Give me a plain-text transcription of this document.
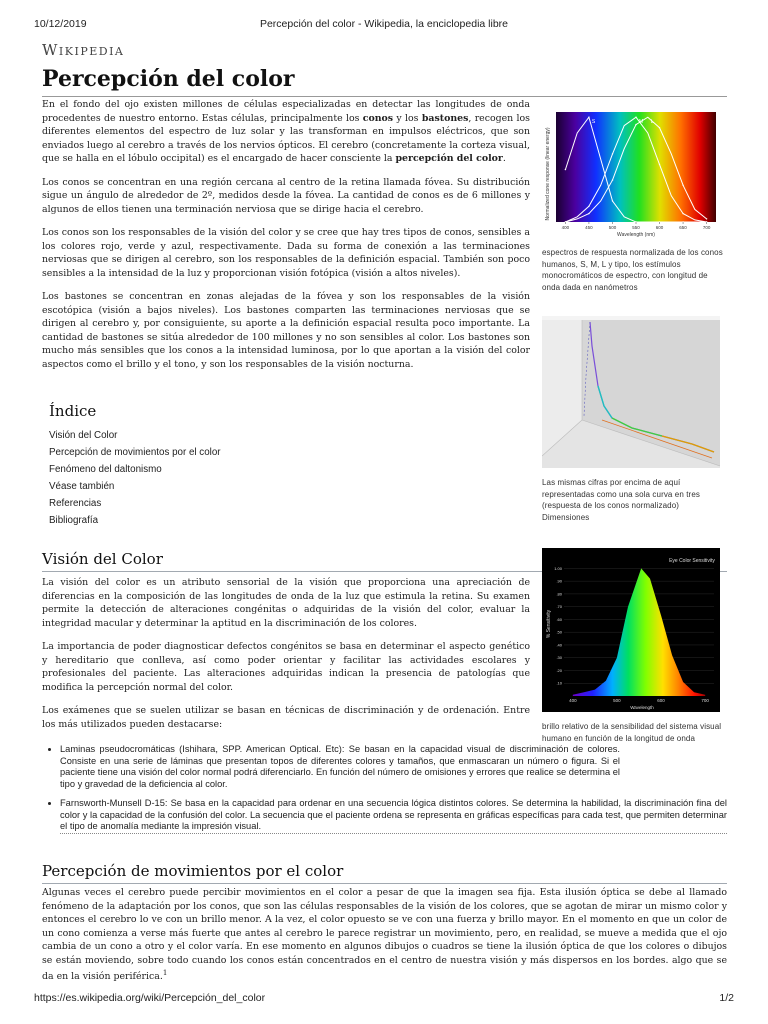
10/12/2019	Percepción del color - Wikipedia, la enciclopedia libre
Wikipedia
Percepción del color

En el fondo del ojo existen millones de células especializadas en detectar las longitudes de onda procedentes de nuestro entorno. Estas células, principalmente los conos y los bastones, recogen los diferentes elementos del espectro de luz solar y las transforman en impulsos eléctricos, que son enviados luego al cerebro a través de los nervios ópticos. El cerebro (concretamente la corteza visual, que se halla en el lóbulo occipital) es el encargado de hacer consciente la percepción del color.

Los conos se concentran en una región cercana al centro de la retina llamada fóvea. Su distribución sigue un ángulo de alrededor de 2º, medidos desde la fóvea. La cantidad de conos es de 6 millones y algunos de ellos tienen una terminación nerviosa que se dirige hacia el cerebro.

Los conos son los responsables de la visión del color y se cree que hay tres tipos de conos, sensibles a los colores rojo, verde y azul, respectivamente. Dada su forma de conexión a las terminaciones nerviosas que se dirigen al cerebro, son los responsables de la definición espacial. También son poco sensibles a la intensidad de la luz y proporcionan visión fotópica (visión a altos niveles).

Los bastones se concentran en zonas alejadas de la fóvea y son los responsables de la visión escotópica (visión a bajos niveles). Los bastones comparten las terminaciones nerviosas que se dirigen al cerebro y, por consiguiente, su aporte a la definición espacial resulta poco importante. La cantidad de bastones se sitúa alrededor de 100 millones y no son sensibles al color. Los bastones son mucho más sensibles que los conos a la intensidad luminosa, por lo que aportan a la visión del color aspectos como el brillo y el tono, y son los responsables de la visión nocturna.

Índice
Visión del Color
Percepción de movimientos por el color
Fenómeno del daltonismo
Véase también
Referencias
Bibliografía
Visión del Color

La visión del color es un atributo sensorial de la visión que proporciona una apreciación de diferencias en la composición de las longitudes de onda de la luz que estimula la retina. Su examen permite la detección de alteraciones congénitas o adquiridas de la visión del color, evaluar la integridad macular y determinar la aptitud en la discriminación de los colores.

La importancia de poder diagnosticar defectos congénitos se basa en determinar el aspecto genético y hereditario que conlleva, así como poder orientar y facilitar las actividades escolares y profesionales del paciente. Las alteraciones adquiridas indican la presencia de patologías que modifica la percepción normal del color.

Los exámenes que se suelen utilizar se basan en técnicas de discriminación y de ordenación. Entre los más utilizados pueden destacarse:

• Laminas pseudocromáticas (Ishihara, SPP. American Optical. Etc): Se basan en la capacidad visual de discriminación de colores. Consiste en una serie de láminas que presentan topos de diferentes colores y tamaños, que enmascaran un número o figura. Si el paciente tiene una visión del color normal podrá diferenciarlo. En función del número de omisiones y errores que realice se determina el tipo y gravedad de la deficiencia al color.
• Farnsworth-Munsell D-15: Se basa en la capacidad para ordenar en una secuencia lógica distintos colores. Se determina la habilidad, la discriminación fina del color y la capacidad de la confusión del color. La secuencia que el paciente ordena se representa en gráficas específicas para cada test, que permiten determinar el tipo de anomalía mediante la impresión visual.
Percepción de movimientos por el color

Algunas veces el cerebro puede percibir movimientos en el color a pesar de que la imagen sea fija. Esta ilusión óptica se debe al llamado fenómeno de la adaptación por los conos, que son las células responsables de la visión de los colores, que se agotan de mirar un mismo color y entonces el cerebro lo ve con un brillo menor. A la vez, el color opuesto se ve con una fuerza y brillo mayor. En el momento en que un color de un cono comienza a verse más fuerte que antes al cerebro le parece registrar un movimiento, pero, en realidad, se mueve a medida que el ojo cambia de un cono a otro y el color varía. En ese momento en algunos dibujos o cuadros se tiene la ilusión óptica de que los colores o dibujos se están moviendo, sobre todo cuando los conos están concentrados en el centro de nuestra visión y más dispersos en los bordes. algo que se da en la visión periférica.$^1$

Normalized cone response (linear energy)
S	M L
400	450	500	550	600	650	700
Wavelength (nm)
espectros de respuesta normalizada de los conos humanos, S, M, L y tipo, los estímulos monocromáticos de espectro, con longitud de onda dada en nanómetros
Las mismas cifras por encima de aquí representadas como una sola curva en tres (respuesta de los conos normalizado) Dimensiones
Eye Color Sensitivity
% Sensitivity
1.00
.90
.80
.70
.60
.50
.40
.30
.20
.10
400	500	600	700
Wavelength
brillo relativo de la sensibilidad del sistema visual humano en función de la longitud de onda
https://es.wikipedia.org/wiki/Percepción_del_color	1/2
